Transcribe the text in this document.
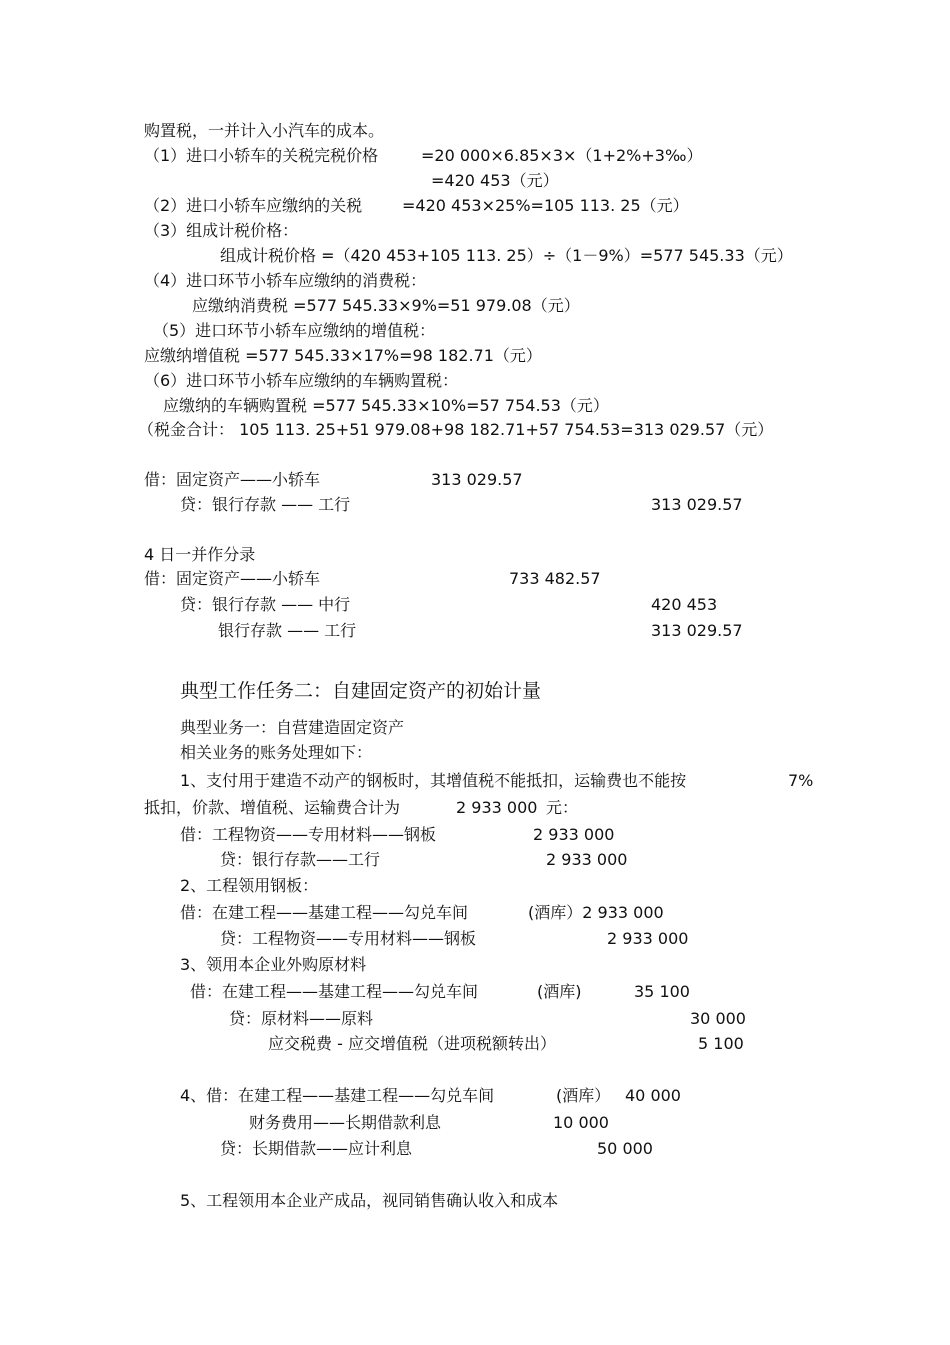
购置税，一并计入小汽车的成本。
（1）进口小轿车的关税完税价格	=20 000×6.85×3×（1+2%+3‰）
=420 453（元）
（2）进口小轿车应缴纳的关税 =420 453×25%=105 113. 25（元）
（3）组成计税价格：
组成计税价格 =（420 453+105 113. 25）÷（1－9%）=577 545.33（元）
（4）进口环节小轿车应缴纳的消费税：
应缴纳消费税 =577 545.33×9%=51 979.08（元）
（5）进口环节小轿车应缴纳的增值税：
应缴纳增值税 =577 545.33×17%=98 182.71（元）
（6）进口环节小轿车应缴纳的车辆购置税：
应缴纳的车辆购置税 =577 545.33×10%=57 754.53（元）
（税金合计： 105 113. 25+51 979.08+98 182.71+57 754.53=313 029.57（元）
借：固定资产——小轿车	313 029.57
贷：银行存款 —— 工行	313 029.57
4 日一并作分录
借：固定资产——小轿车	733 482.57
贷：银行存款 —— 中行	420 453
银行存款 —— 工行	313 029.57
典型工作任务二：自建固定资产的初始计量
典型业务一：自营建造固定资产
相关业务的账务处理如下：
1、支付用于建造不动产的钢板时，其增值税不能抵扣，运输费也不能按	7%
抵扣，价款、增值税、运输费合计为	2 933 000 元：
借：工程物资——专用材料——钢板	2 933 000
贷：银行存款——工行	2 933 000
2、工程领用钢板：
借：在建工程——基建工程——勾兑车间	(酒库）2 933 000
贷：工程物资——专用材料——钢板	2 933 000
3、领用本企业外购原材料
借：在建工程——基建工程——勾兑车间	(酒库)	35 100
贷：原材料——原料	30 000
应交税费 - 应交增值税（进项税额转出）	5 100
4、借：在建工程——基建工程——勾兑车间	(酒库） 40 000
财务费用——长期借款利息	10 000
贷：长期借款——应计利息	50 000
5、工程领用本企业产成品，视同销售确认收入和成本
